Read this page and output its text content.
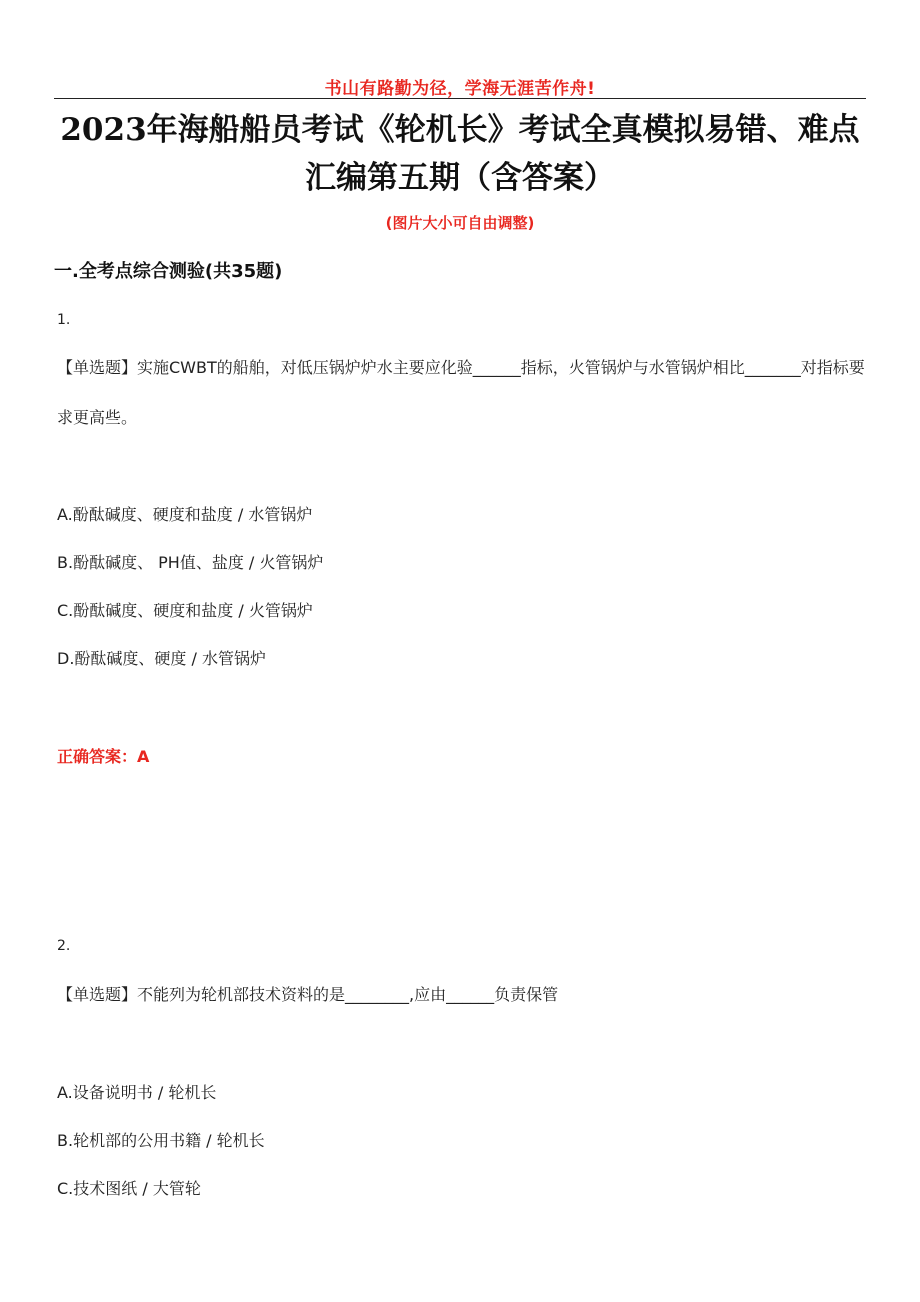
书山有路勤为径，学海无涯苦作舟!
2023年海船船员考试《轮机长》考试全真模拟易错、难点汇编第五期（含答案）
(图片大小可自由调整)
一.全考点综合测验(共35题)
1.
【单选题】实施CWBT的船舶，对低压锅炉炉水主要应化验______指标，火管锅炉与水管锅炉相比_______对指标要求更高些。
A.酚酞碱度、硬度和盐度 / 水管锅炉
B.酚酞碱度、 PH值、盐度 / 火管锅炉
C.酚酞碱度、硬度和盐度 / 火管锅炉
D.酚酞碱度、硬度 / 水管锅炉
正确答案：A
2.
【单选题】不能列为轮机部技术资料的是________,应由______负责保管
A.设备说明书 / 轮机长
B.轮机部的公用书籍 / 轮机长
C.技术图纸 / 大管轮
